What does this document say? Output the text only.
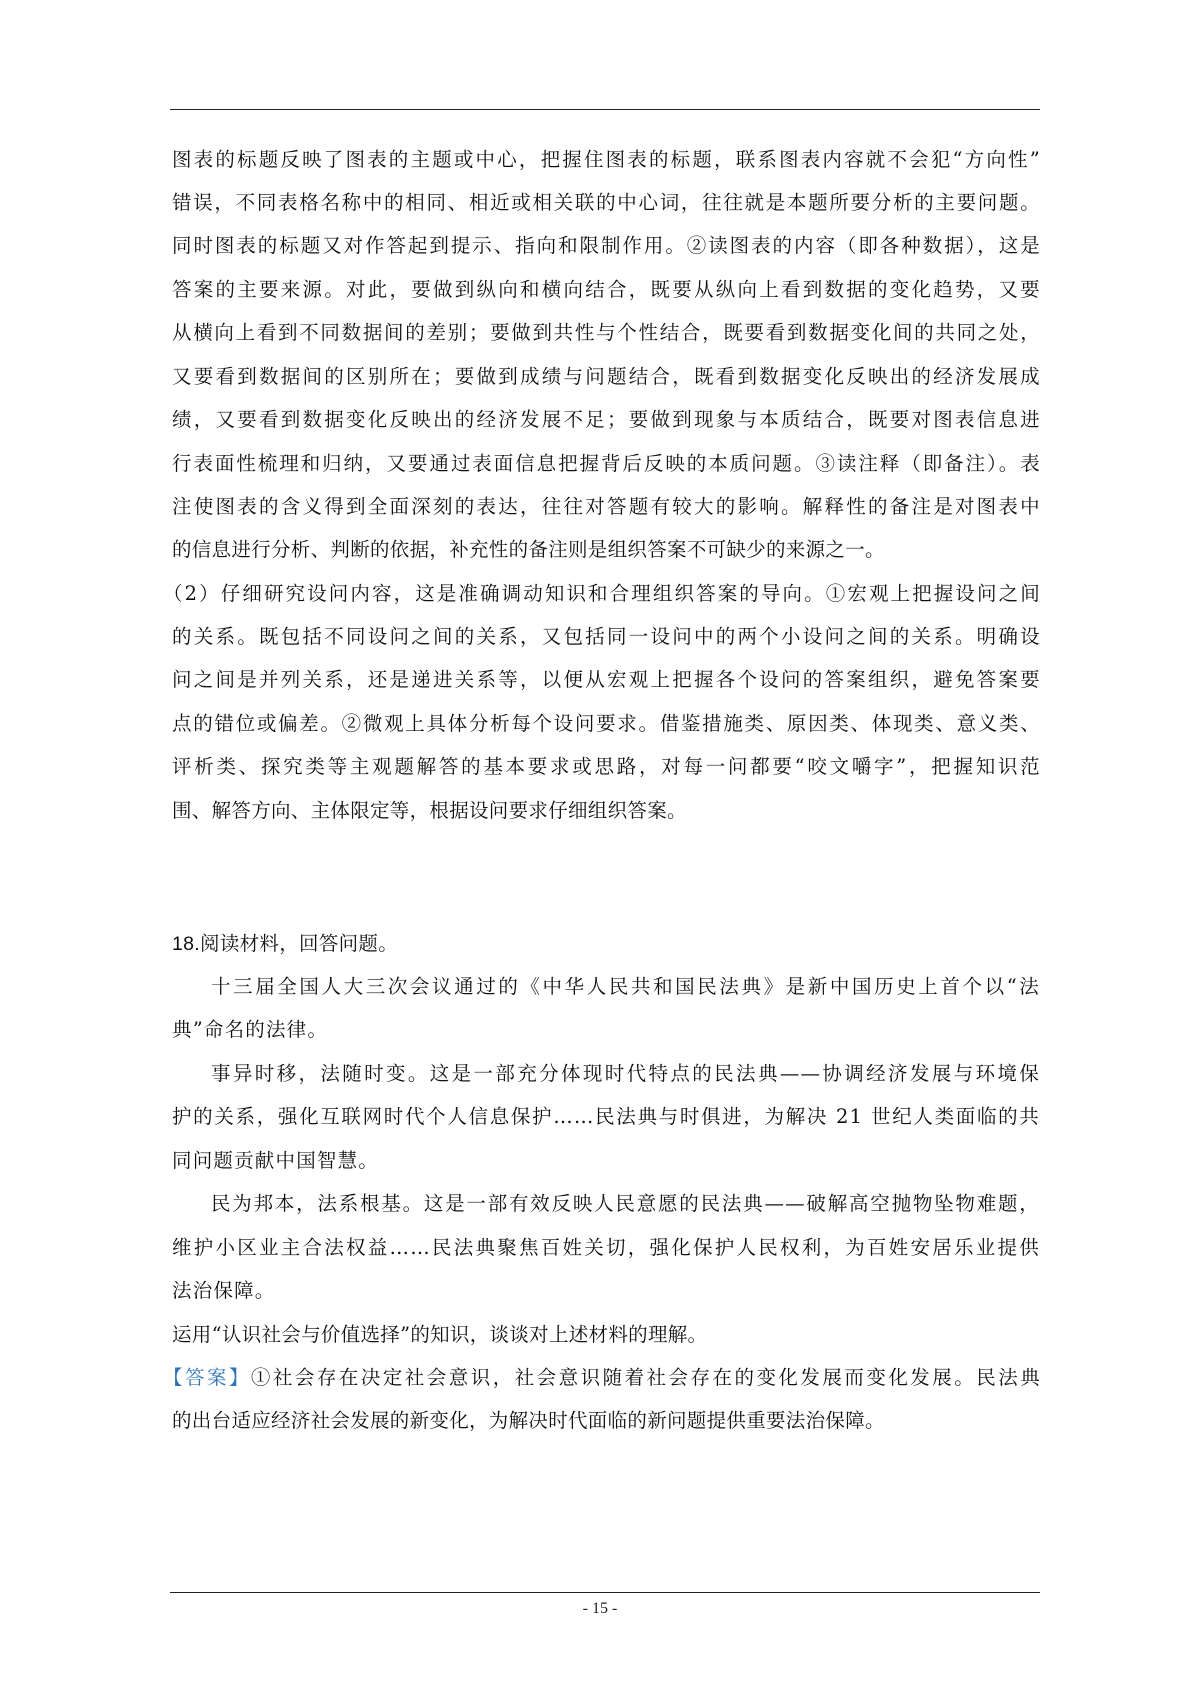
图表的标题反映了图表的主题或中心，把握住图表的标题，联系图表内容就不会犯“方向性”
错误，不同表格名称中的相同、相近或相关联的中心词，往往就是本题所要分析的主要问题。
同时图表的标题又对作答起到提示、指向和限制作用。②读图表的内容（即各种数据），这是
答案的主要来源。对此，要做到纵向和横向结合，既要从纵向上看到数据的变化趋势，又要
从横向上看到不同数据间的差别；要做到共性与个性结合，既要看到数据变化间的共同之处，
又要看到数据间的区别所在；要做到成绩与问题结合，既看到数据变化反映出的经济发展成
绩，又要看到数据变化反映出的经济发展不足；要做到现象与本质结合，既要对图表信息进
行表面性梳理和归纳，又要通过表面信息把握背后反映的本质问题。③读注释（即备注）。表
注使图表的含义得到全面深刻的表达，往往对答题有较大的影响。解释性的备注是对图表中
的信息进行分析、判断的依据，补充性的备注则是组织答案不可缺少的来源之一。
（2）仔细研究设问内容，这是准确调动知识和合理组织答案的导向。①宏观上把握设问之间
的关系。既包括不同设问之间的关系，又包括同一设问中的两个小设问之间的关系。明确设
问之间是并列关系，还是递进关系等，以便从宏观上把握各个设问的答案组织，避免答案要
点的错位或偏差。②微观上具体分析每个设问要求。借鉴措施类、原因类、体现类、意义类、
评析类、探究类等主观题解答的基本要求或思路，对每一问都要“咬文嚼字”，把握知识范
围、解答方向、主体限定等，根据设问要求仔细组织答案。
18.阅读材料，回答问题。
十三届全国人大三次会议通过的《中华人民共和国民法典》是新中国历史上首个以“法
典”命名的法律。
事异时移，法随时变。这是一部充分体现时代特点的民法典——协调经济发展与环境保
护的关系，强化互联网时代个人信息保护……民法典与时俱进，为解决 21 世纪人类面临的共
同问题贡献中国智慧。
民为邦本，法系根基。这是一部有效反映人民意愿的民法典——破解高空抛物坠物难题，
维护小区业主合法权益……民法典聚焦百姓关切，强化保护人民权利，为百姓安居乐业提供
法治保障。
运用“认识社会与价值选择”的知识，谈谈对上述材料的理解。
【答案】①社会存在决定社会意识，社会意识随着社会存在的变化发展而变化发展。民法典
的出台适应经济社会发展的新变化，为解决时代面临的新问题提供重要法治保障。
- 15 -
